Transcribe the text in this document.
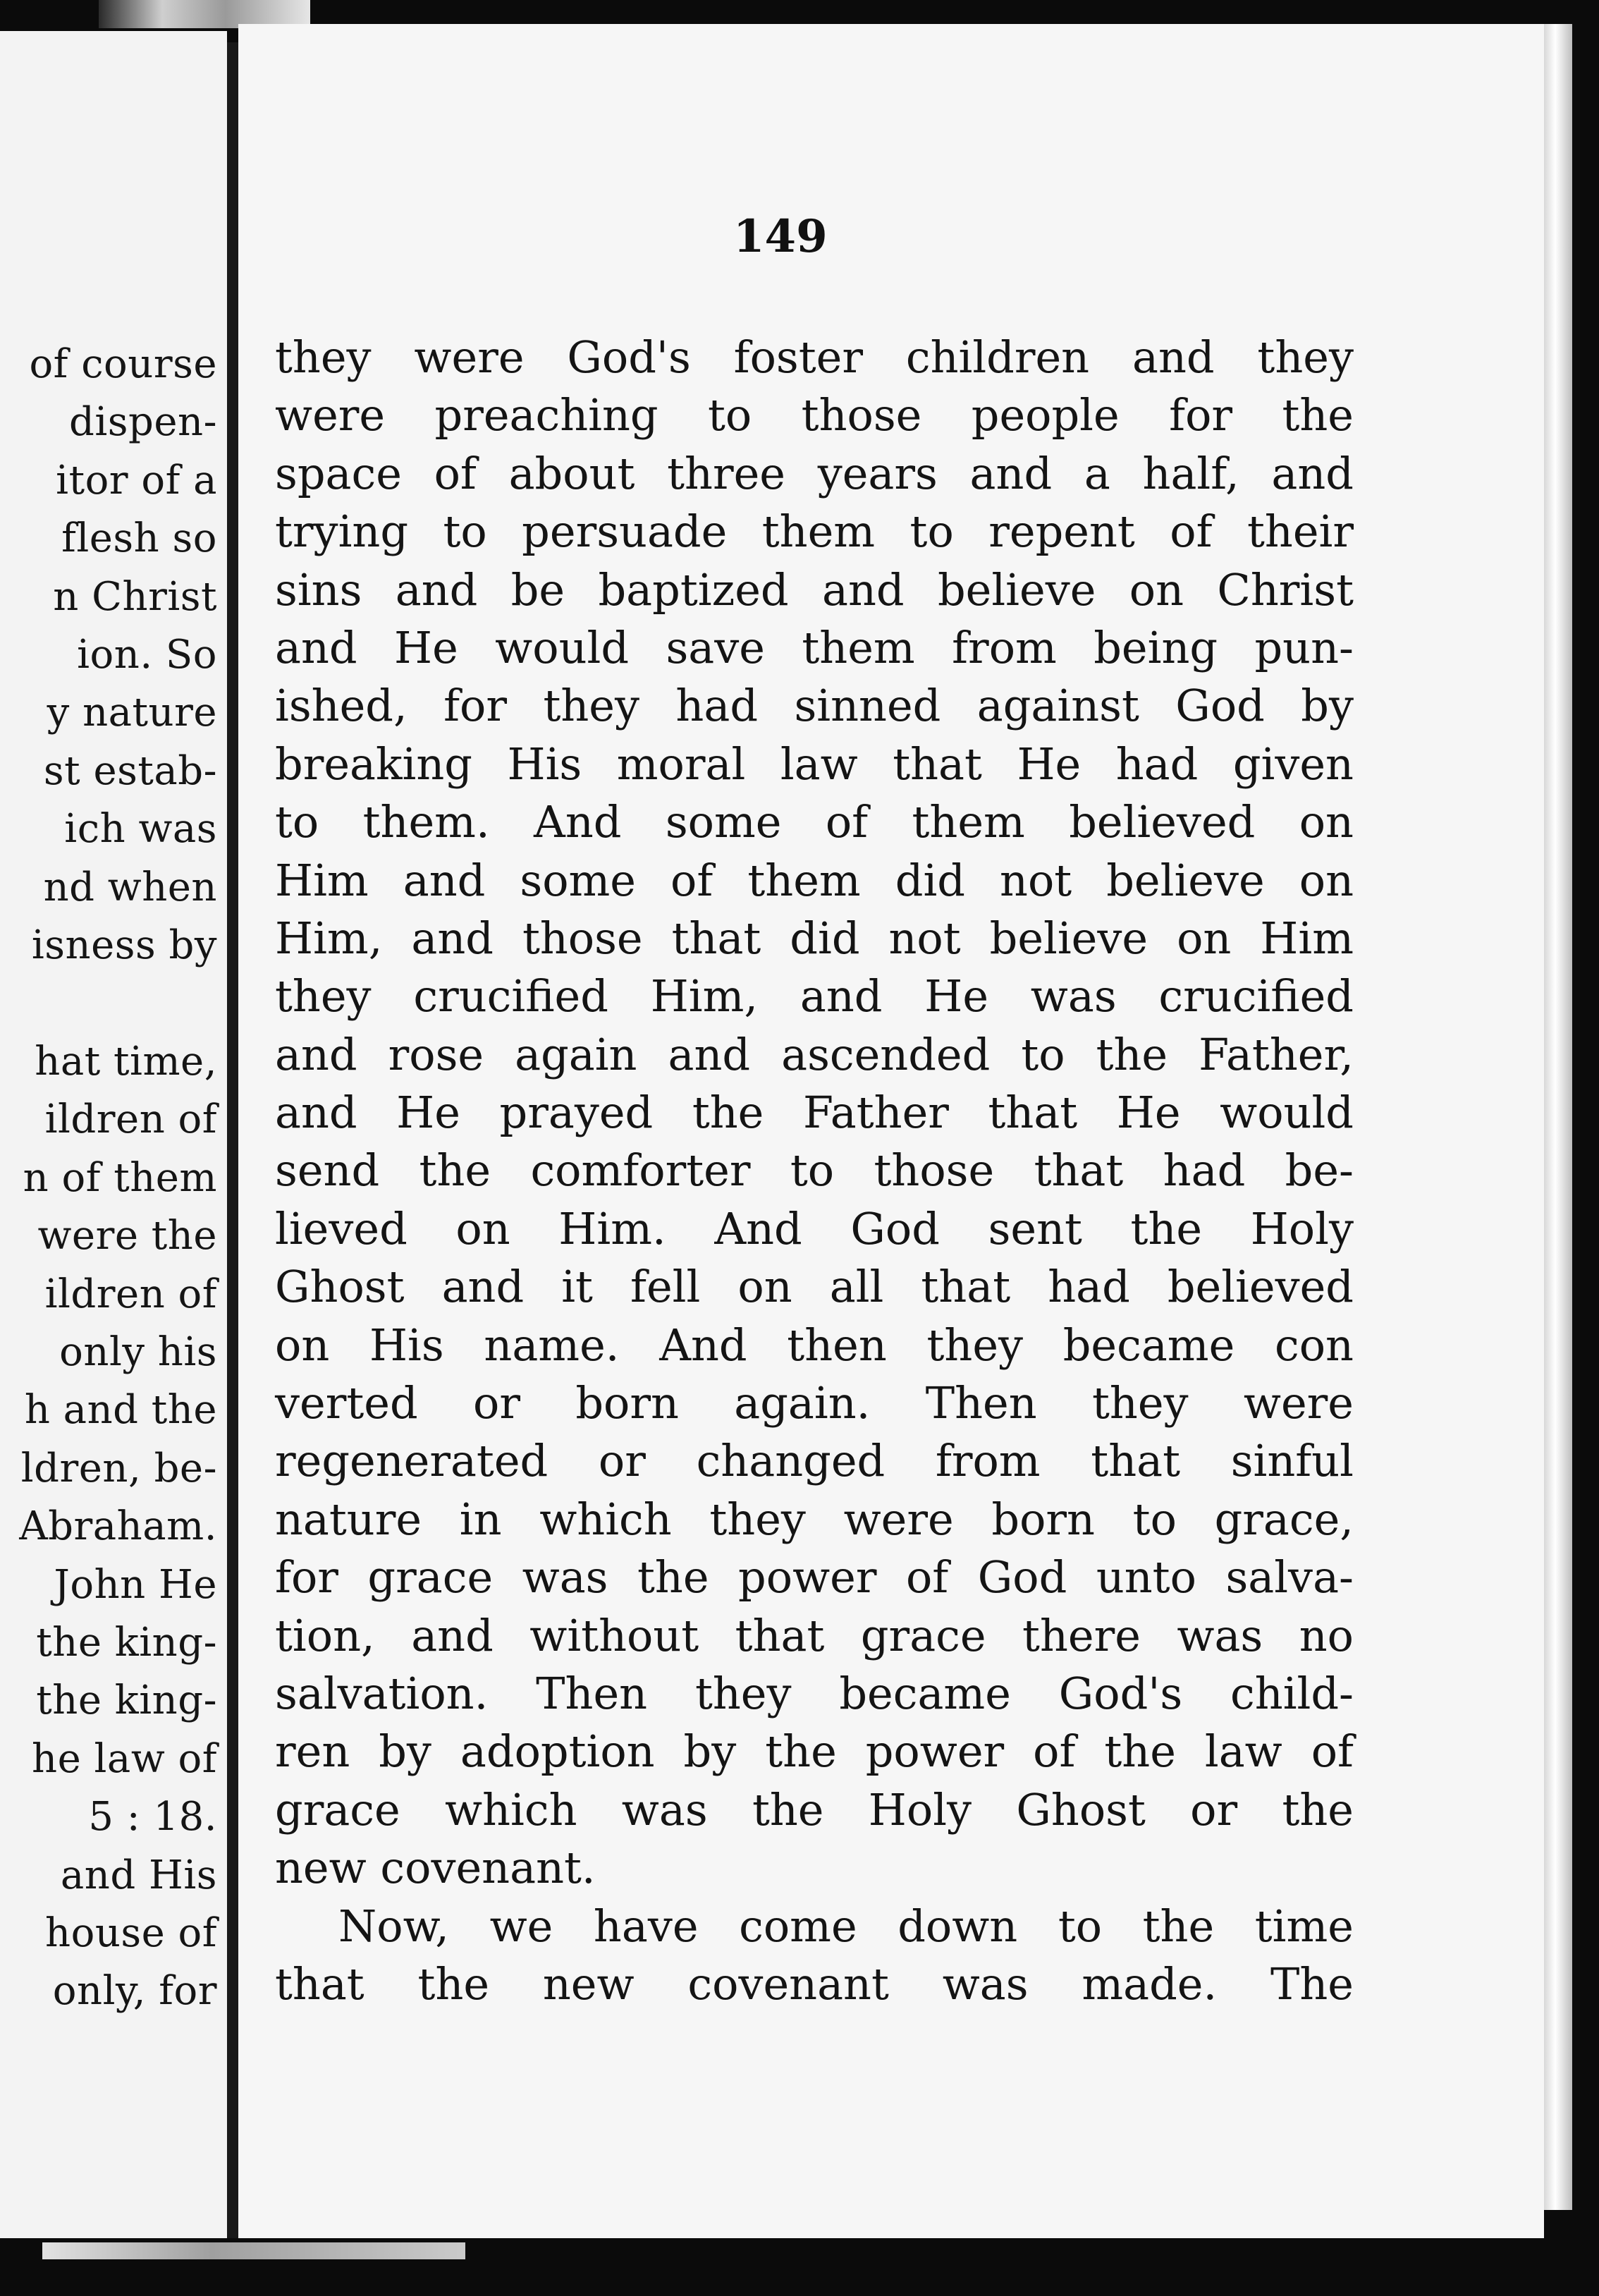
of course
dispen-
itor of a
flesh so
n Christ
ion. So
y nature
st estab-
ich was
nd when
isness by

hat time,
ildren of
n of them
were the
ildren of
only his
h and the
ldren, be-
Abraham.
John He
the king-
the king-
he law of
5 : 18.
and His
house of
only, for
149
they were God's foster children and they
were preaching to those people for the
space of about three years and a half, and
trying to persuade them to repent of their
sins and be baptized and believe on Christ
and He would save them from being pun-
ished, for they had sinned against God by
breaking His moral law that He had given
to them. And some of them believed on
Him and some of them did not believe on
Him, and those that did not believe on Him
they crucified Him, and He was crucified
and rose again and ascended to the Father,
and He prayed the Father that He would
send the comforter to those that had be-
lieved on Him. And God sent the Holy
Ghost and it fell on all that had believed
on His name. And then they became con
verted or born again. Then they were
regenerated or changed from that sinful
nature in which they were born to grace,
for grace was the power of God unto salva-
tion, and without that grace there was no
salvation. Then they became God's child-
ren by adoption by the power of the law of
grace which was the Holy Ghost or the
new covenant.
Now, we have come down to the time
that the new covenant was made. The
